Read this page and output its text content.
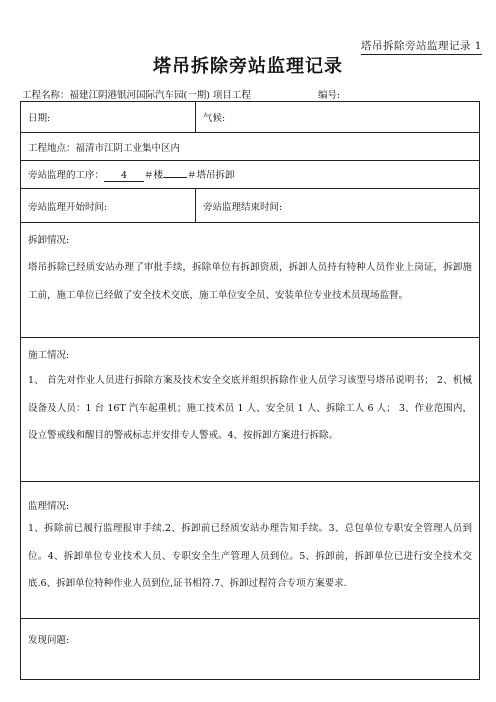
塔吊拆除旁站监理记录 1
塔吊拆除旁站监理记录
工程名称：福建江阴港银河国际汽车园(一期) 项目工程	编号:
日期:	气候:
工程地点：福清市江阴工业集中区内	
旁站监理的工序： 4 ＃楼 ＃塔吊拆卸	
旁站监理开始时间:	旁站监理结束时间:

拆卸情况:
塔吊拆除已经质安站办理了审批手续，拆除单位有拆卸资质，拆卸人员持有特种人员作业上岗证，拆卸施工前，施工单位已经做了安全技术交底，施工单位安全员、安装单位专业技术员现场监督。	

施工情况:
1、 首先对作业人员进行拆除方案及技术安全交底并组织拆除作业人员学习该型号塔吊说明书； 2、机械设备及人员：1 台 16T 汽车起重机；施工技术员 1 人、安全员 1 人、拆除工人 6 人； 3、作业范围内，设立警戒线和醒目的警戒标志并安排专人警戒。4、按拆卸方案进行拆除。	

监理情况:
1、拆除前已履行监理报审手续.2、拆卸前已经质安站办理告知手续。3、总包单位专职安全管理人员到位。4、拆卸单位专业技术人员、专职安全生产管理人员到位。5、拆卸前，拆卸单位已进行安全技术交底.6、拆卸单位特种作业人员到位,证书相符.7、拆卸过程符合专项方案要求.	

发现问题:	
